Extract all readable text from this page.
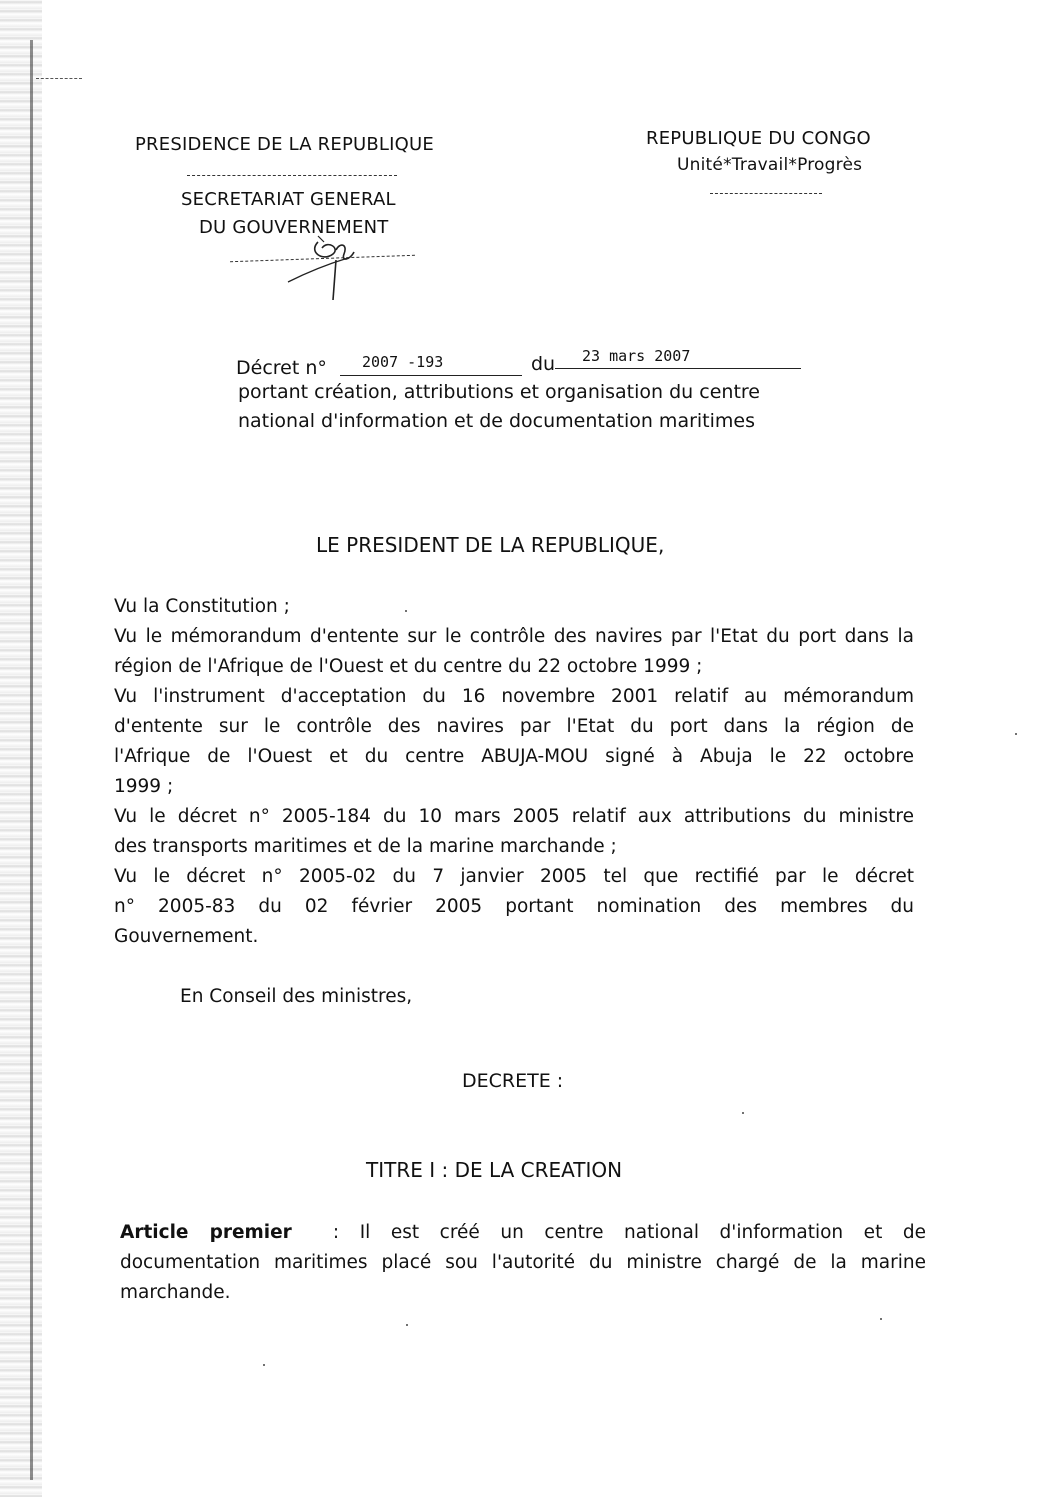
PRESIDENCE DE LA REPUBLIQUE
SECRETARIAT GENERAL
DU GOUVERNEMENT
REPUBLIQUE DU CONGO
Unité*Travail*Progrès
Décret n° 2007 -193	du 23 mars 2007
portant création, attributions et organisation du centre
national d'information et de documentation maritimes
LE PRESIDENT DE LA REPUBLIQUE,
Vu la Constitution ;
Vu le mémorandum d'entente sur le contrôle des navires par l'Etat du port dans la
région de l'Afrique de l'Ouest et du centre du 22 octobre 1999 ;
Vu l'instrument d'acceptation du 16 novembre 2001 relatif au mémorandum
d'entente sur le contrôle des navires par l'Etat du port dans la région de
l'Afrique de l'Ouest et du centre ABUJA-MOU signé à Abuja le 22 octobre
1999 ;
Vu le décret n° 2005-184 du 10 mars 2005 relatif aux attributions du ministre
des transports maritimes et de la marine marchande ;
Vu le décret n° 2005-02 du 7 janvier 2005 tel que rectifié par le décret
n° 2005-83 du 02 février 2005 portant nomination des membres du
Gouvernement.
En Conseil des ministres,
DECRETE :
TITRE I : DE LA CREATION
Article premier : Il est créé un centre national d'information et de
documentation maritimes placé sou l'autorité du ministre chargé de la marine
marchande.
